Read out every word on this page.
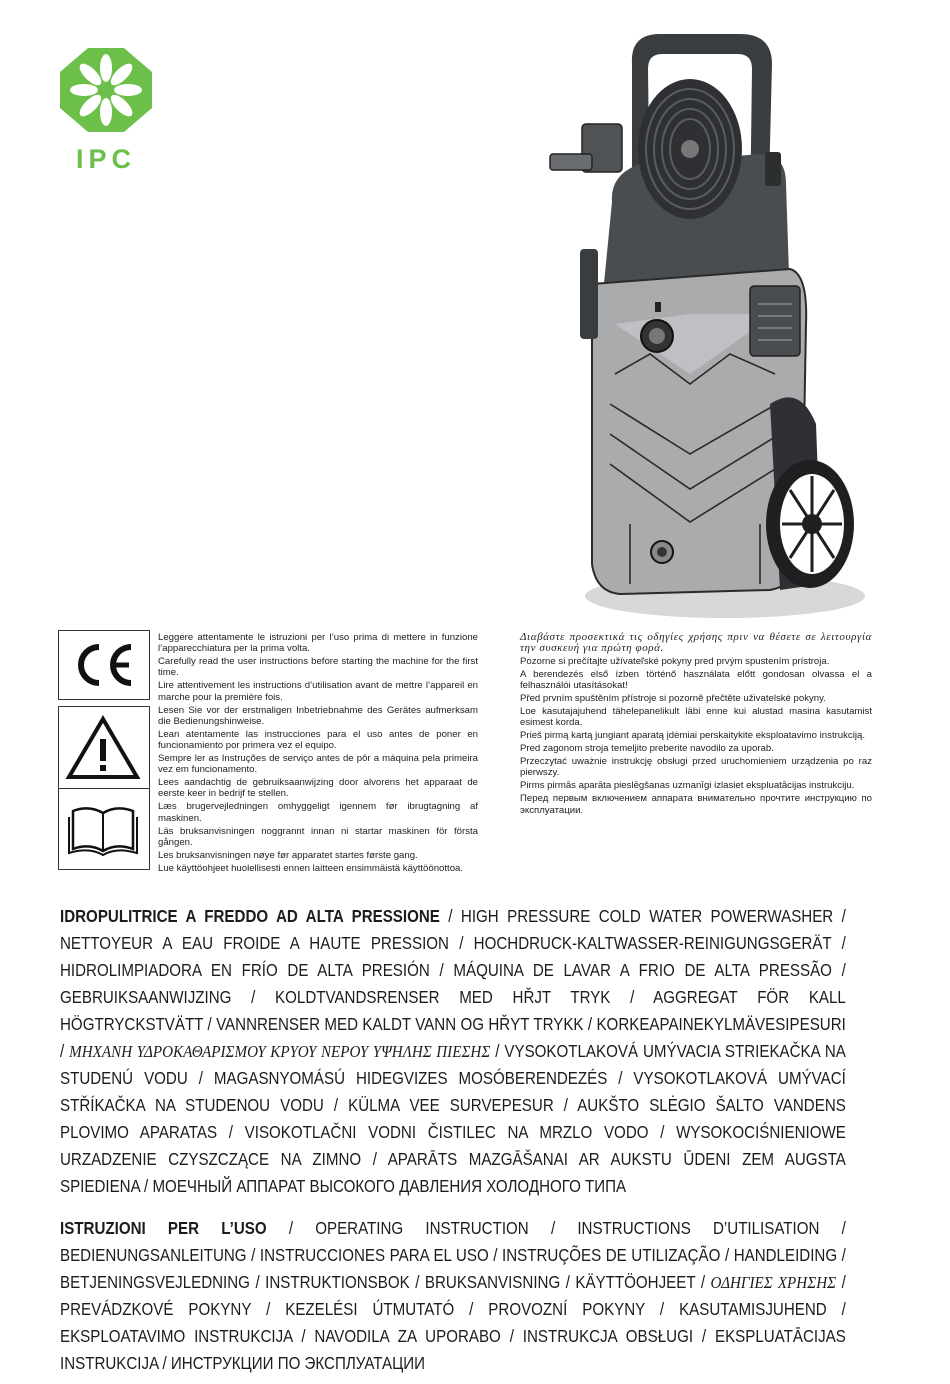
IPC

Leggere attentamente le istruzioni per l’uso prima di mettere in funzione l’apparecchiatura per la prima volta.

Carefully read the user instructions before starting the machine for the first time.

Lire attentivement les instructions d’utilisation avant de mettre l’appareil en marche pour la première fois.

Lesen Sie vor der erstmaligen Inbetriebnahme des Gerätes aufmerksam die Bedienungshinweise.

Lean atentamente las instrucciones para el uso antes de poner en funcionamiento por primera vez el equipo.

Sempre ler as Instruções de serviço antes de pôr a máquina pela primeira vez em funcionamento.

Lees aandachtig de gebruiksaanwijzing door alvorens het apparaat de eerste keer in bedrijf te stellen.

Læs brugervejledningen omhyggeligt igennem før ibrugtagning af maskinen.

Läs bruksanvisningen noggrannt innan ni startar maskinen för första gången.

Les bruksanvisningen nøye før apparatet startes første gang.

Lue käyttöohjeet huolellisesti ennen laitteen ensimmäistä käyttöönottoa.

Διαβάστε προσεκτικά τις οδηγίες χρήσης πριν να θέσετε σε λειτουργία την συσκευή για πρώτη φορά.

Pozorne si prečítajte užívateľské pokyny pred prvým spustením prístroja.

A berendezés első ízben történő használata előtt gondosan olvassa el a felhasználói utasításokat!

Před prvním spuštěním přístroje si pozorně přečtěte uživatelské pokyny.

Loe kasutajajuhend tähelepanelikult läbi enne kui alustad masina kasutamist esimest korda.

Prieš pirmą kartą jungiant aparatą įdėmiai perskaitykite eksploatavimo instrukciją.

Pred zagonom stroja temeljito preberite navodilo za uporab.

Przeczytać uważnie instrukcję obsługi przed uruchomieniem urządzenia po raz pierwszy.

Pirms pirmās aparāta pieslēgšanas uzmanīgi izlasiet ekspluatācijas instrukciju.

Перед первым включением аппарата внимательно прочтите инструкцию по эксплуатации.

IDROPULITRICE A FREDDO AD ALTA PRESSIONE / HIGH PRESSURE COLD WATER POWERWASHER / NETTOYEUR A EAU FROIDE A HAUTE PRESSION / HOCHDRUCK-KALTWASSER-REINIGUNGSGERÄT / HIDROLIMPIADORA EN FRÍO DE ALTA PRESIÓN / MÁQUINA DE LAVAR A FRIO DE ALTA PRESSÃO / GEBRUIKSAANWIJZING / KOLDTVANDSRENSER MED HŘJT TRYK / AGGREGAT FÖR KALL HÖGTRYCKSTVÄTT / VANNRENSER MED KALDT VANN OG HŘYT TRYKK / KORKEAPAINEKYLMÄVESIPESURI / ΜΗΧΑΝΗ ΥΔΡΟΚΑΘΑΡΙΣΜΟΥ ΚΡΥΟΥ ΝΕΡΟΥ ΥΨΗΛΗΣ ΠΙΕΣΗΣ / VYSOKOTLAKOVÁ UMÝVACIA STRIEKAČKA NA STUDENÚ VODU / MAGASNYOMÁSÚ HIDEGVIZES MOSÓBERENDEZÉS / VYSOKOTLAKOVÁ UMÝVACÍ STŘÍKAČKA NA STUDENOU VODU / KÜLMA VEE SURVEPESUR / AUKŠTO SLĖGIO ŠALTO VANDENS PLOVIMO APARATAS / VISOKOTLAČNI VODNI ČISTILEC NA MRZLO VODO / WYSOKOCIŚNIENIOWE URZADZENIE CZYSZCZĄCE NA ZIMNO / APARĀTS MAZGĀŠANAI AR AUKSTU ŪDENI ZEM AUGSTA SPIEDIENA / МОЕЧНЫЙ АППАРАТ ВЫСОКОГО ДАВЛЕНИЯ ХОЛОДНОГО ТИПА
ISTRUZIONI PER L’USO / OPERATING INSTRUCTION / INSTRUCTIONS D’UTILISATION / BEDIENUNGSANLEITUNG / INSTRUCCIONES PARA EL USO / INSTRUÇÕES DE UTILIZAÇÃO / HANDLEIDING / BETJENINGSVEJLEDNING / INSTRUKTIONSBOK / BRUKSANVISNING / KÄYTTÖOHJEET / ΟΔΗΓΙΕΣ ΧΡΗΣΗΣ / PREVÁDZKOVÉ POKYNY / KEZELÉSI ÚTMUTATÓ / PROVOZNÍ POKYNY / KASUTAMISJUHEND / EKSPLOATAVIMO INSTRUKCIJA / NAVODILA ZA UPORABO / INSTRUKCJA OBSŁUGI / EKSPLUATĀCIJAS INSTRUKCIJA / ИНСТРУКЦИИ ПО ЭКСПЛУАТАЦИИ
